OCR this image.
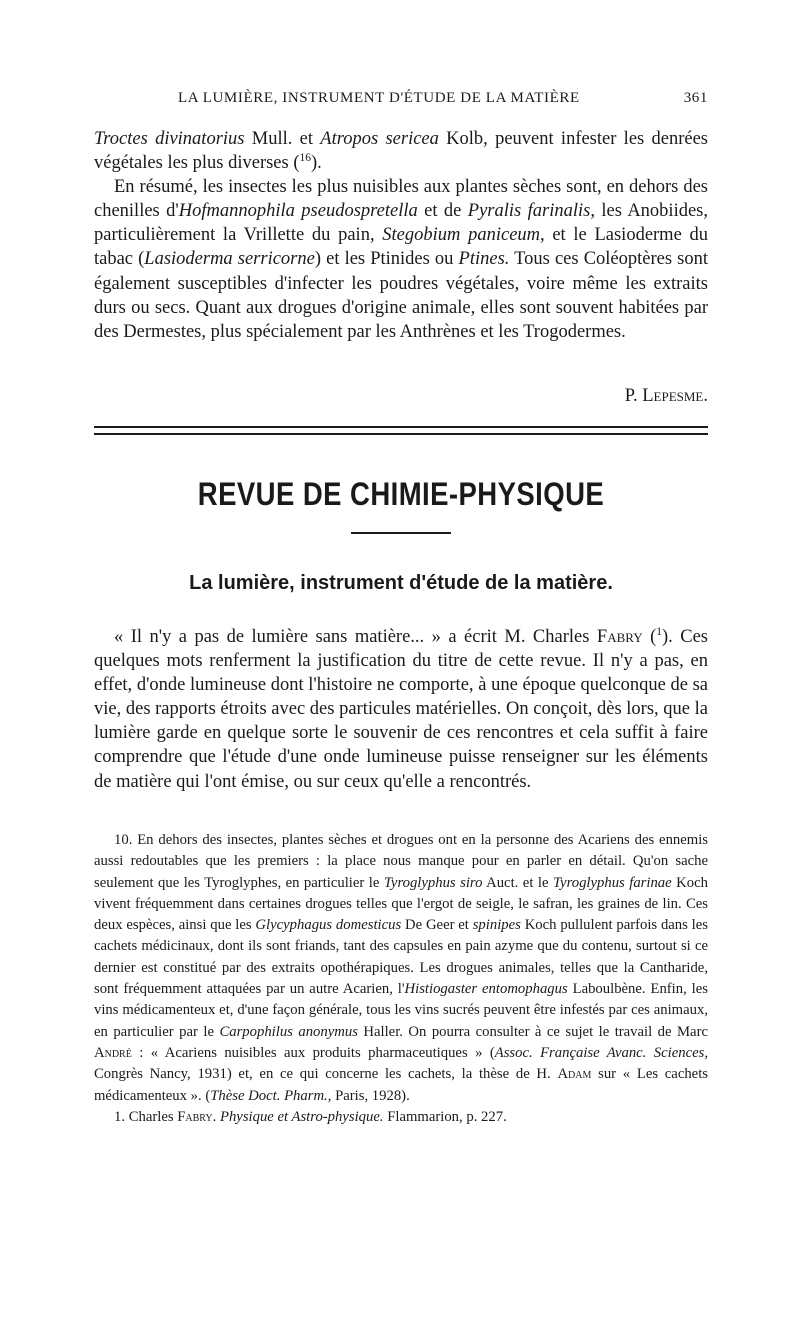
LA LUMIÈRE, INSTRUMENT D'ÉTUDE DE LA MATIÈRE	361

Troctes divinatorius Mull. et Atropos sericea Kolb, peuvent infester les denrées végétales les plus diverses ($^{16}$).

En résumé, les insectes les plus nuisibles aux plantes sèches sont, en dehors des chenilles d'Hofmannophila pseudospretella et de Pyralis farinalis, les Anobiides, particulièrement la Vrillette du pain, Stegobium paniceum, et le Lasioderme du tabac (Lasioderma serricorne) et les Ptinides ou Ptines. Tous ces Coléoptères sont également susceptibles d'infecter les poudres végétales, voire même les extraits durs ou secs. Quant aux drogues d'origine animale, elles sont souvent habitées par des Dermestes, plus spécialement par les Anthrènes et les Trogodermes.

P. Lepesme.
REVUE DE CHIMIE-PHYSIQUE
La lumière, instrument d'étude de la matière.

« Il n'y a pas de lumière sans matière... » a écrit M. Charles Fabry ($^1$). Ces quelques mots renferment la justification du titre de cette revue. Il n'y a pas, en effet, d'onde lumineuse dont l'histoire ne comporte, à une époque quelconque de sa vie, des rapports étroits avec des particules matérielles. On conçoit, dès lors, que la lumière garde en quelque sorte le souvenir de ces rencontres et cela suffit à faire comprendre que l'étude d'une onde lumineuse puisse renseigner sur les éléments de matière qui l'ont émise, ou sur ceux qu'elle a rencontrés.

10. En dehors des insectes, plantes sèches et drogues ont en la personne des Acariens des ennemis aussi redoutables que les premiers : la place nous manque pour en parler en détail. Qu'on sache seulement que les Tyroglyphes, en particulier le Tyroglyphus siro Auct. et le Tyroglyphus farinae Koch vivent fréquemment dans certaines drogues telles que l'ergot de seigle, le safran, les graines de lin. Ces deux espèces, ainsi que les Glycyphagus domesticus De Geer et spinipes Koch pullulent parfois dans les cachets médicinaux, dont ils sont friands, tant des capsules en pain azyme que du contenu, surtout si ce dernier est constitué par des extraits opothérapiques. Les drogues animales, telles que la Cantharide, sont fréquemment attaquées par un autre Acarien, l'Histiogaster entomophagus Laboulbène. Enfin, les vins médicamenteux et, d'une façon générale, tous les vins sucrés peuvent être infestés par ces animaux, en particulier par le Carpophilus anonymus Haller. On pourra consulter à ce sujet le travail de Marc André : « Acariens nuisibles aux produits pharmaceutiques » (Assoc. Française Avanc. Sciences, Congrès Nancy, 1931) et, en ce qui concerne les cachets, la thèse de H. Adam sur « Les cachets médicamenteux ». (Thèse Doct. Pharm., Paris, 1928).

1. Charles Fabry. Physique et Astro-physique. Flammarion, p. 227.
